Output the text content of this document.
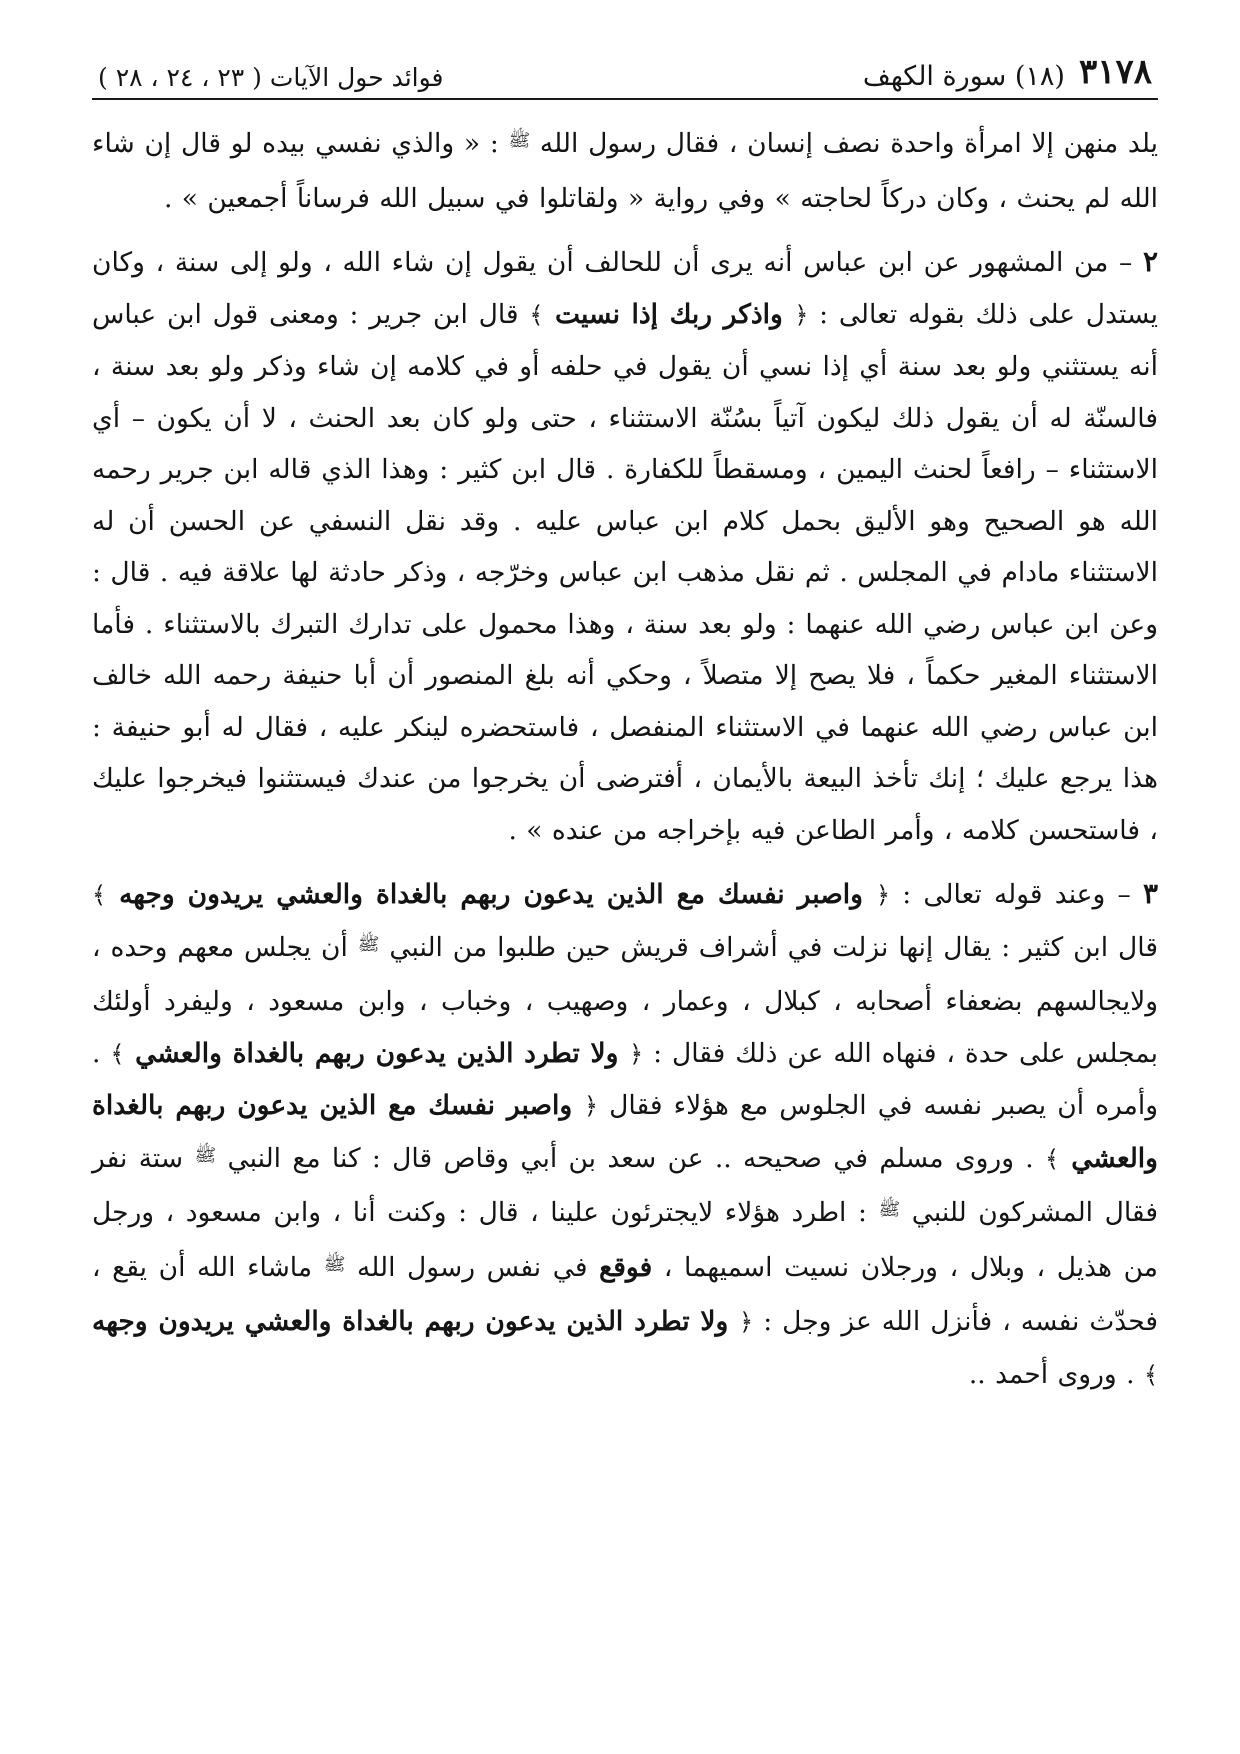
٣١٧٨
(١٨) سورة الكهف
فوائد حول الآيات ( ٢٣ ، ٢٤ ، ٢٨ )

يلد منهن إلا امرأة واحدة نصف إنسان ، فقال رسول الله $^ﷺ$ : « والذي نفسي بيده لو قال إن شاء الله لم يحنث ، وكان دركاً لحاجته » وفي رواية « ولقاتلوا في سبيل الله فرساناً أجمعين » .

٢ – من المشهور عن ابن عباس أنه يرى أن للحالف أن يقول إن شاء الله ، ولو إلى سنة ، وكان يستدل على ذلك بقوله تعالى : ﴿ واذكر ربك إذا نسيت ﴾ قال ابن جرير : ومعنى قول ابن عباس أنه يستثني ولو بعد سنة أي إذا نسي أن يقول في حلفه أو في كلامه إن شاء وذكر ولو بعد سنة ، فالسنّة له أن يقول ذلك ليكون آتياً بسُنّة الاستثناء ، حتى ولو كان بعد الحنث ، لا أن يكون – أي الاستثناء – رافعاً لحنث اليمين ، ومسقطاً للكفارة . قال ابن كثير : وهذا الذي قاله ابن جرير رحمه الله هو الصحيح وهو الأليق بحمل كلام ابن عباس عليه . وقد نقل النسفي عن الحسن أن له الاستثناء مادام في المجلس . ثم نقل مذهب ابن عباس وخرّجه ، وذكر حادثة لها علاقة فيه . قال : وعن ابن عباس رضي الله عنهما : ولو بعد سنة ، وهذا محمول على تدارك التبرك بالاستثناء . فأما الاستثناء المغير حكماً ، فلا يصح إلا متصلاً ، وحكي أنه بلغ المنصور أن أبا حنيفة رحمه الله خالف ابن عباس رضي الله عنهما في الاستثناء المنفصل ، فاستحضره لينكر عليه ، فقال له أبو حنيفة : هذا يرجع عليك ؛ إنك تأخذ البيعة بالأيمان ، أفترضى أن يخرجوا من عندك فيستثنوا فيخرجوا عليك ، فاستحسن كلامه ، وأمر الطاعن فيه بإخراجه من عنده » .

٣ – وعند قوله تعالى : ﴿ واصبر نفسك مع الذين يدعون ربهم بالغداة والعشي يريدون وجهه ﴾ قال ابن كثير : يقال إنها نزلت في أشراف قريش حين طلبوا من النبي $^ﷺ$ أن يجلس معهم وحده ، ولايجالسهم بضعفاء أصحابه ، كبلال ، وعمار ، وصهيب ، وخباب ، وابن مسعود ، وليفرد أولئك بمجلس على حدة ، فنهاه الله عن ذلك فقال : ﴿ ولا تطرد الذين يدعون ربهم بالغداة والعشي ﴾ . وأمره أن يصبر نفسه في الجلوس مع هؤلاء فقال ﴿ واصبر نفسك مع الذين يدعون ربهم بالغداة والعشي ﴾ . وروى مسلم في صحيحه .. عن سعد بن أبي وقاص قال : كنا مع النبي $^ﷺ$ ستة نفر فقال المشركون للنبي $^ﷺ$ : اطرد هؤلاء لايجترئون علينا ، قال : وكنت أنا ، وابن مسعود ، ورجل من هذيل ، وبلال ، ورجلان نسيت اسميهما ، فوقع في نفس رسول الله $^ﷺ$ ماشاء الله أن يقع ، فحدّث نفسه ، فأنزل الله عز وجل : ﴿ ولا تطرد الذين يدعون ربهم بالغداة والعشي يريدون وجهه ﴾ . وروى أحمد ..
